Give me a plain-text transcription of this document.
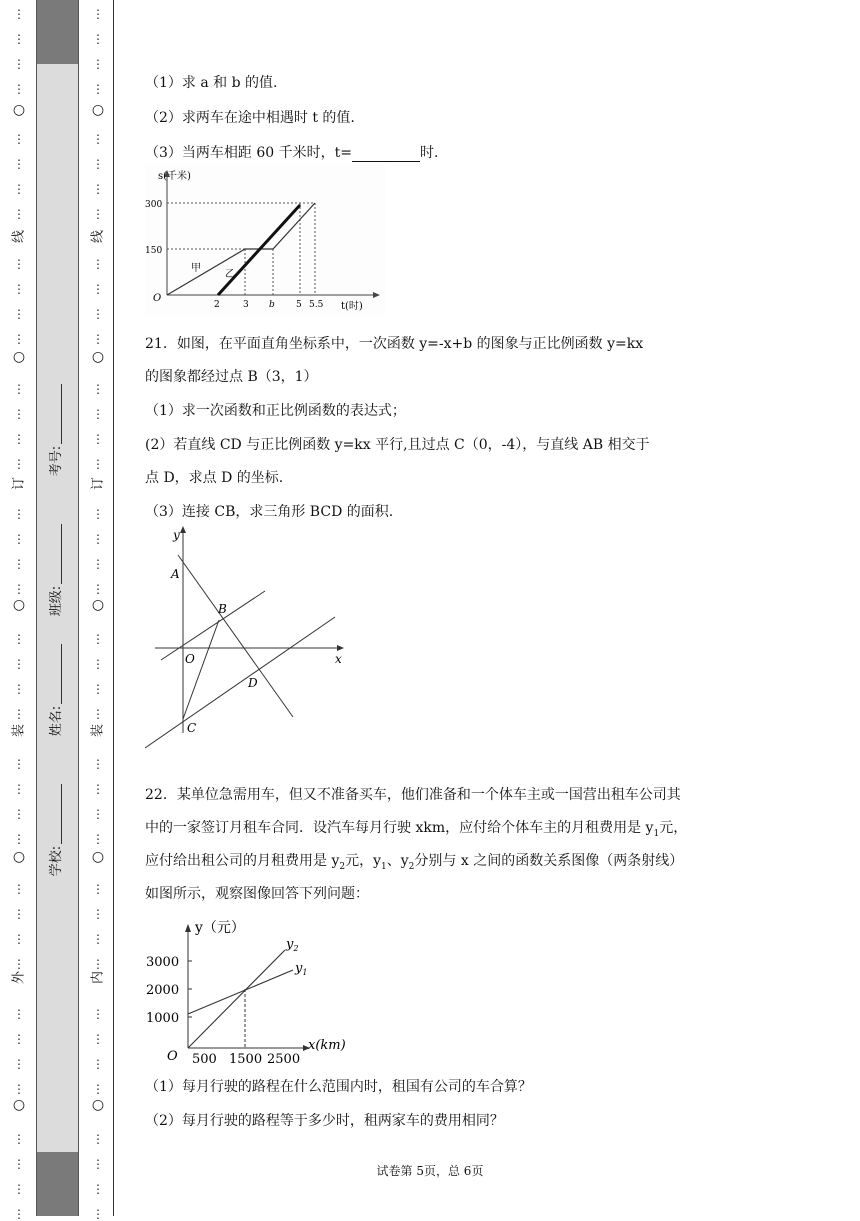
⋮
⋮
⋮
⋮
⋮
⋮
⋮
⋮
⋮
⋮
⋮
⋮
⋮
⋮
⋮
⋮
⋮
⋮
⋮
⋮
⋮
⋮
⋮
⋮
⋮
⋮
⋮
⋮
⋮
⋮
⋮
⋮
⋮
⋮
⋮
⋮
⋮
⋮
⋮
⋮
○
○
○
○
○
线
订
装
外
学校:
姓名:
班级:
考号:
⋮
⋮
⋮
⋮
⋮
⋮
⋮
⋮
⋮
⋮
⋮
⋮
⋮
⋮
⋮
⋮
⋮
⋮
⋮
⋮
⋮
⋮
⋮
⋮
⋮
⋮
⋮
⋮
⋮
⋮
⋮
⋮
⋮
⋮
⋮
⋮
⋮
⋮
⋮
⋮
○
○
○
○
○
线
订
装
内
（1）求 a 和 b 的值.
（2）求两车在途中相遇时 t 的值.
（3）当两车相距 60 千米时，t=	时.
s(千米)
t(时)
O
300
150
2	3 b 5 5.5
甲
乙
21．如图，在平面直角坐标系中，一次函数 y=-x+b 的图象与正比例函数 y=kx
的图象都经过点 B（3，1）
（1）求一次函数和正比例函数的表达式；
(2）若直线 CD 与正比例函数 y=kx 平行,且过点 C（0，-4），与直线 AB 相交于
点 D，求点 D 的坐标.
（3）连接 CB，求三角形 BCD 的面积.
y
x
A
B
O
D
C
22．某单位急需用车，但又不准备买车，他们准备和一个体车主或一国营出租车公司其
中的一家签订月租车合同．设汽车每月行驶 xkm，应付给个体车主的月租费用是 $y_1$元，
应付给出租公司的月租费用是 $y_2$元，$y_1$、$y_2$分别与 x 之间的函数关系图像（两条射线）
如图所示，观察图像回答下列问题：
y（元）
x(km)
O
3000
2000
1000
500 1500 2500
$y_2$
$y_1$
（1）每月行驶的路程在什么范围内时，租国有公司的车合算？
（2）每月行驶的路程等于多少时，租两家车的费用相同？
试卷第 5页，总 6页
